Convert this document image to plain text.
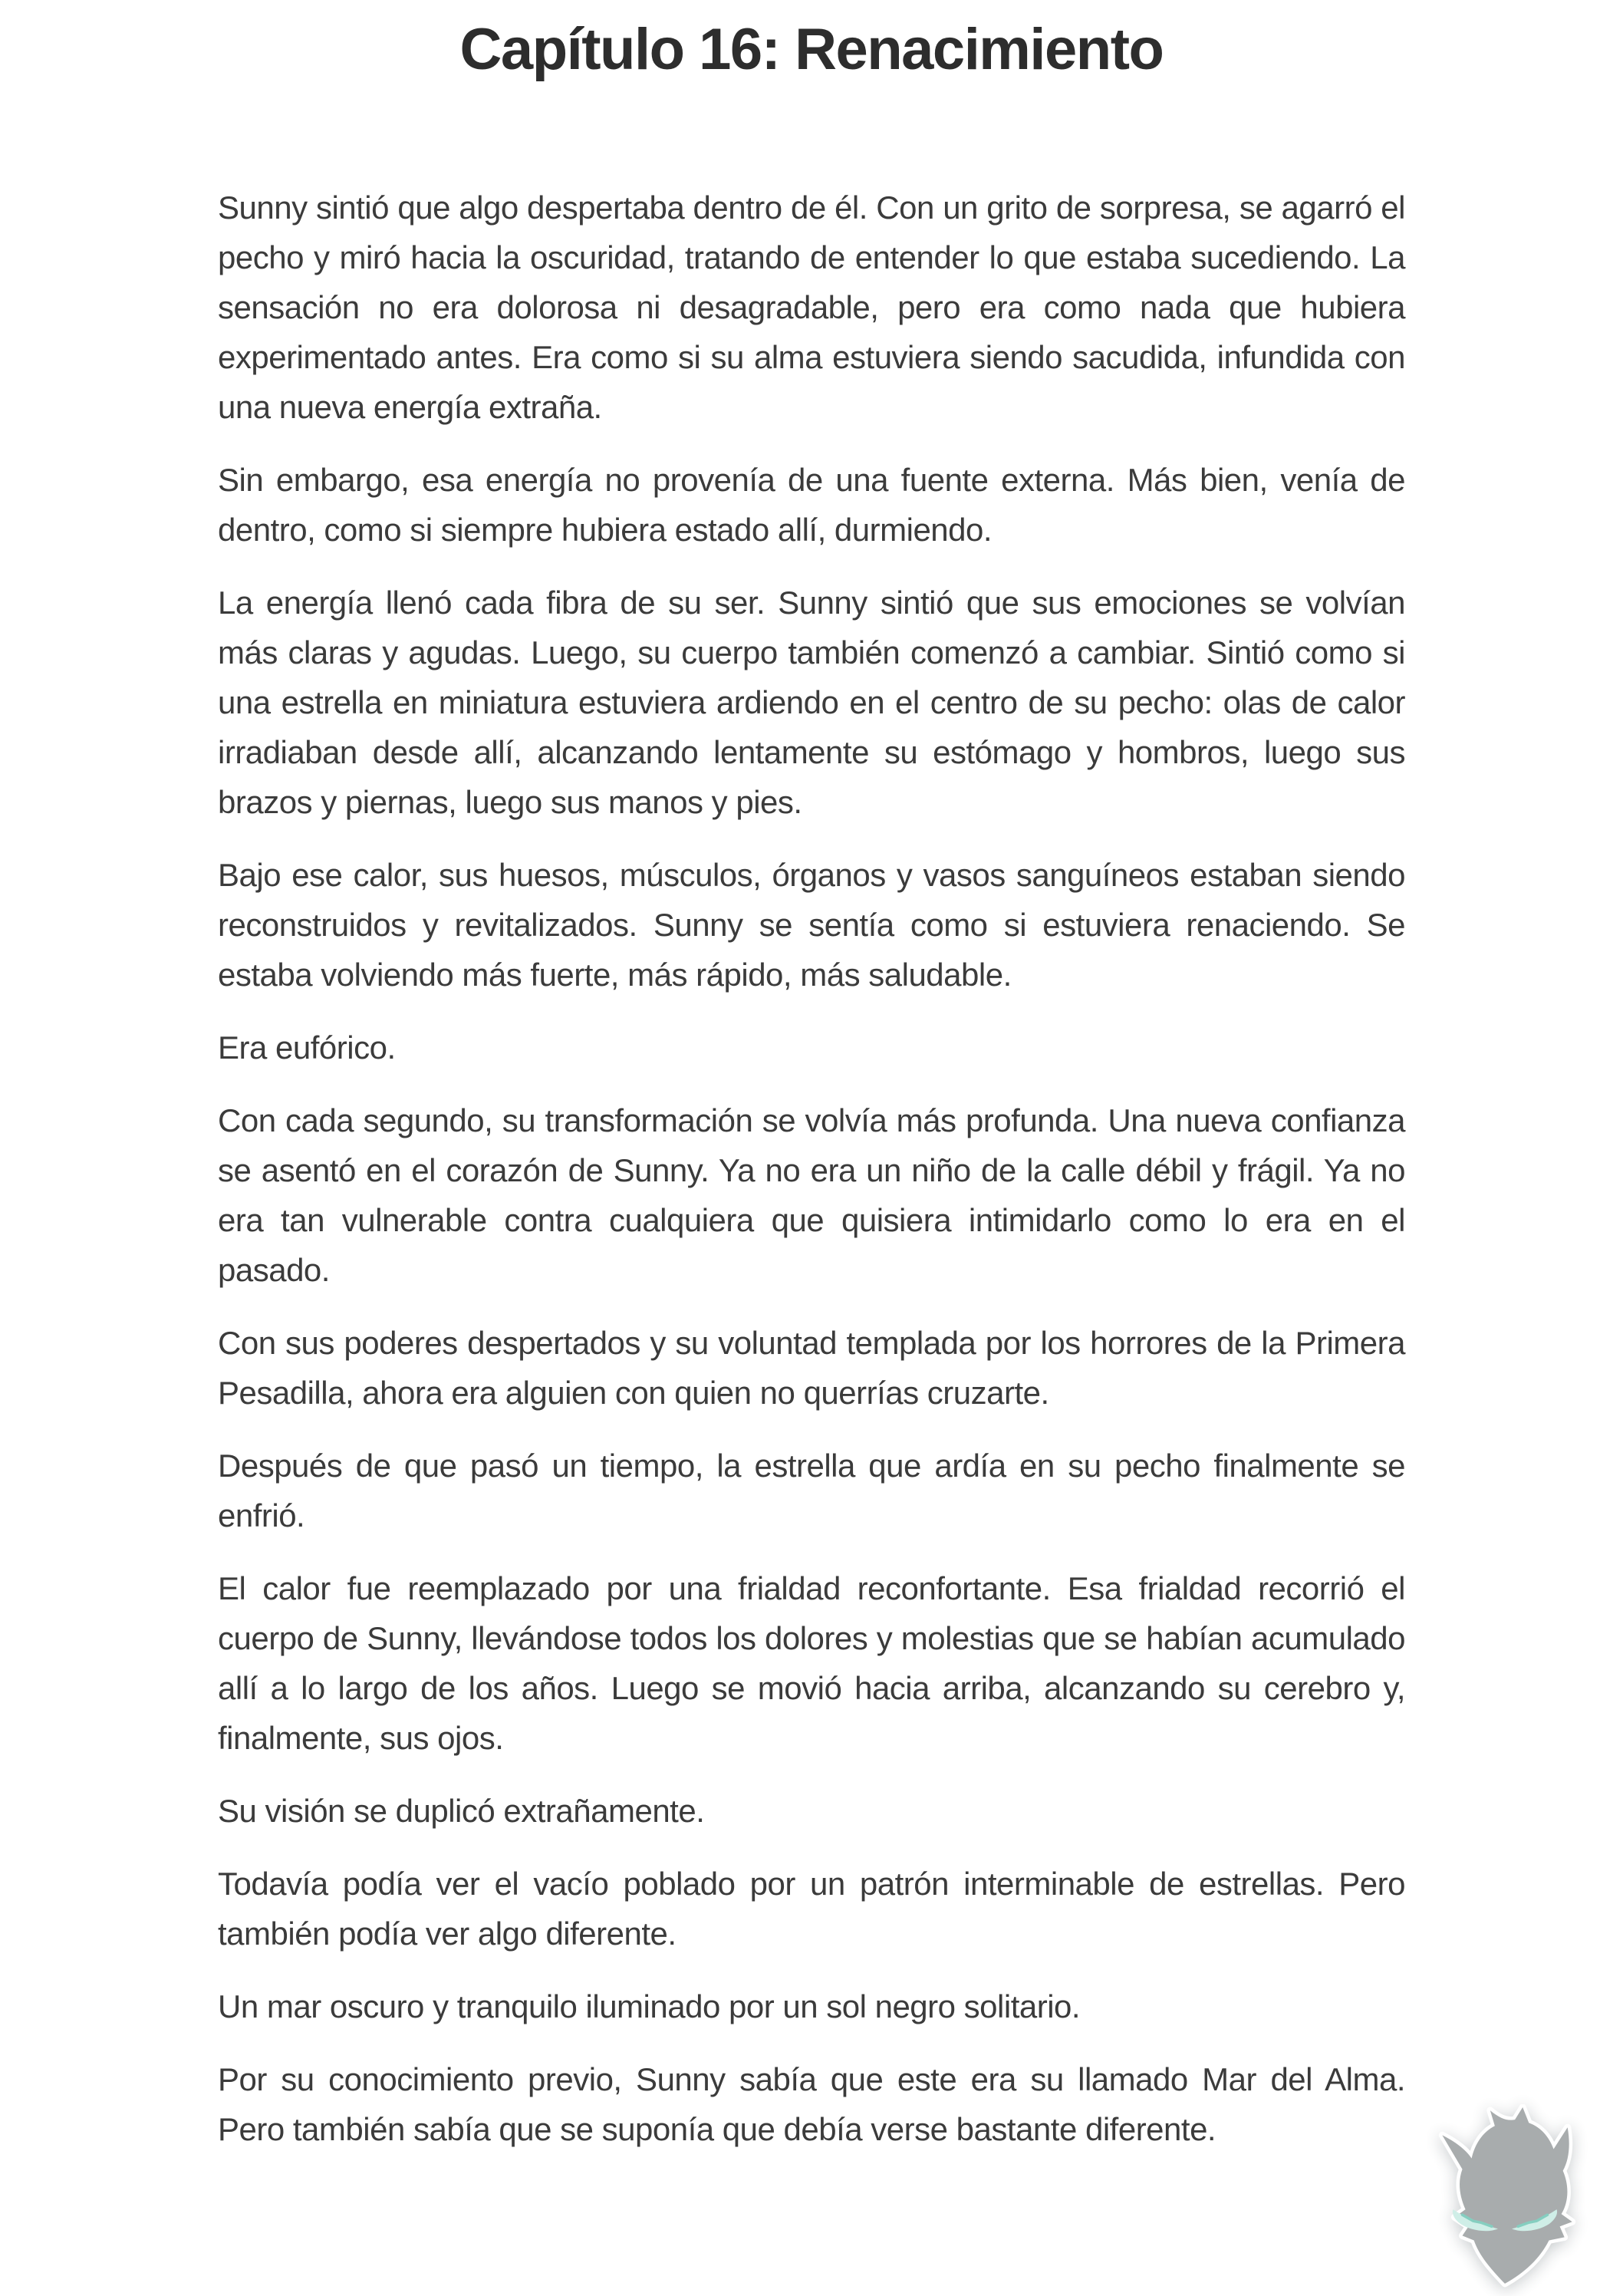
Capítulo 16: Renacimiento

Sunny sintió que algo despertaba dentro de él. Con un grito de sorpresa, se agarró el pecho y miró hacia la oscuridad, tratando de entender lo que estaba sucediendo. La sensación no era dolorosa ni desagradable, pero era como nada que hubiera experimentado antes. Era como si su alma estuviera siendo sacudida, infundida con una nueva energía extraña.

Sin embargo, esa energía no provenía de una fuente externa. Más bien, venía de dentro, como si siempre hubiera estado allí, durmiendo.

La energía llenó cada fibra de su ser. Sunny sintió que sus emociones se volvían más claras y agudas. Luego, su cuerpo también comenzó a cambiar. Sintió como si una estrella en miniatura estuviera ardiendo en el centro de su pecho: olas de calor irradiaban desde allí, alcanzando lentamente su estómago y hombros, luego sus brazos y piernas, luego sus manos y pies.

Bajo ese calor, sus huesos, músculos, órganos y vasos sanguíneos estaban siendo reconstruidos y revitalizados. Sunny se sentía como si estuviera renaciendo. Se estaba volviendo más fuerte, más rápido, más saludable.

Era eufórico.

Con cada segundo, su transformación se volvía más profunda. Una nueva confianza se asentó en el corazón de Sunny. Ya no era un niño de la calle débil y frágil. Ya no era tan vulnerable contra cualquiera que quisiera intimidarlo como lo era en el pasado.

Con sus poderes despertados y su voluntad templada por los horrores de la Primera Pesadilla, ahora era alguien con quien no querrías cruzarte.

Después de que pasó un tiempo, la estrella que ardía en su pecho finalmente se enfrió.

El calor fue reemplazado por una frialdad reconfortante. Esa frialdad recorrió el cuerpo de Sunny, llevándose todos los dolores y molestias que se habían acumulado allí a lo largo de los años. Luego se movió hacia arriba, alcanzando su cerebro y, finalmente, sus ojos.

Su visión se duplicó extrañamente.

Todavía podía ver el vacío poblado por un patrón interminable de estrellas. Pero también podía ver algo diferente.

Un mar oscuro y tranquilo iluminado por un sol negro solitario.

Por su conocimiento previo, Sunny sabía que este era su llamado Mar del Alma. Pero también sabía que se suponía que debía verse bastante diferente.
